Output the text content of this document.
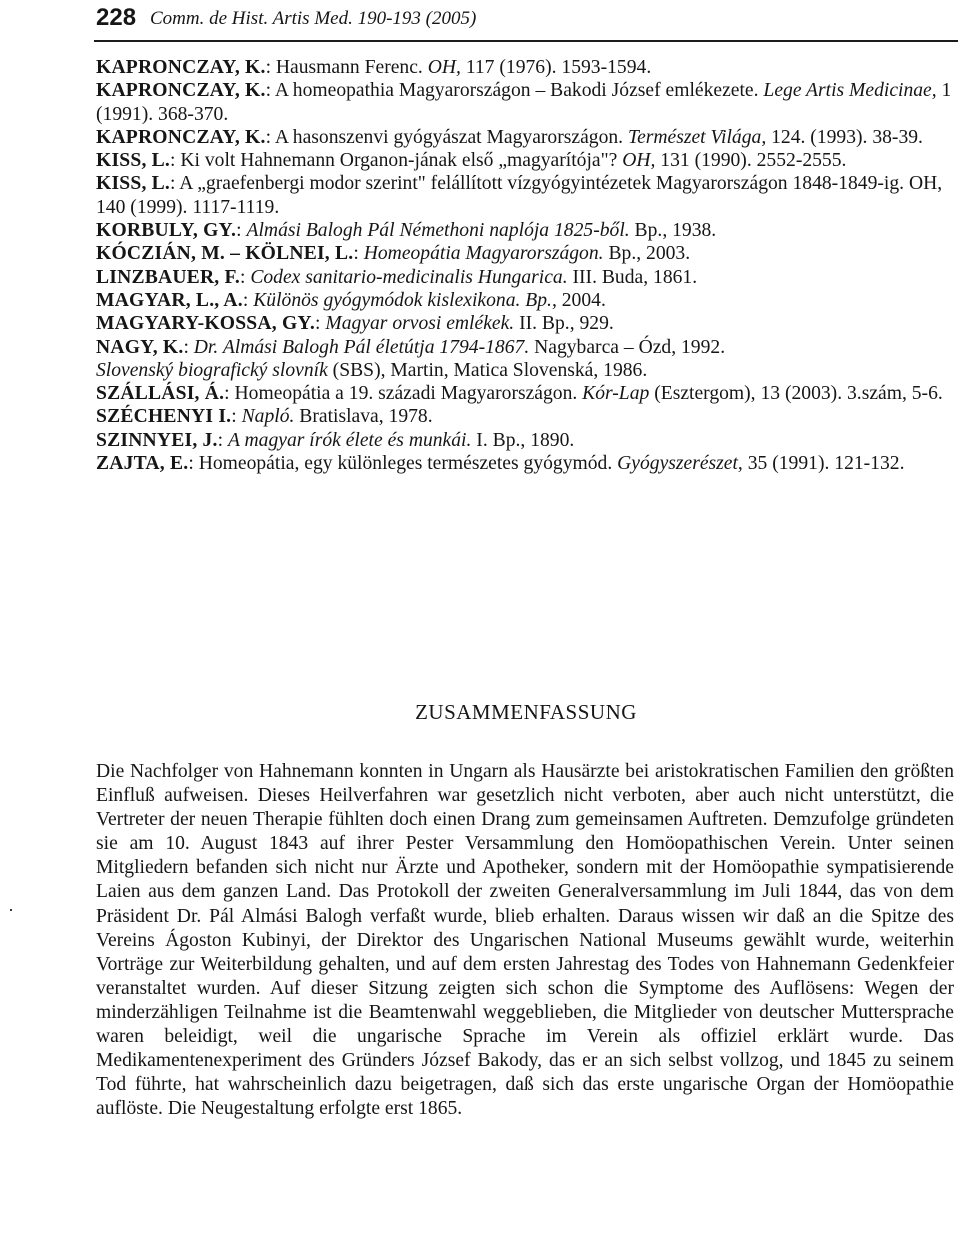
228 Comm. de Hist. Artis Med. 190-193 (2005)

KAPRONCZAY, K.: Hausmann Ferenc. OH, 117 (1976). 1593-1594.

KAPRONCZAY, K.: A homeopathia Magyarországon – Bakodi József emlékezete. Lege Artis Medicinae, 1 (1991). 368-370.

KAPRONCZAY, K.: A hasonszenvi gyógyászat Magyarországon. Természet Világa, 124. (1993). 38-39.

KISS, L.: Ki volt Hahnemann Organon-jának első „magyarítója"? OH, 131 (1990). 2552-2555.

KISS, L.: A „graefenbergi modor szerint" felállított vízgyógyintézetek Magyarországon 1848-1849-ig. OH, 140 (1999). 1117-1119.

KORBULY, GY.: Almási Balogh Pál Némethoni naplója 1825-ből. Bp., 1938.

KÓCZIÁN, M. – KÖLNEI, L.: Homeopátia Magyarországon. Bp., 2003.

LINZBAUER, F.: Codex sanitario-medicinalis Hungarica. III. Buda, 1861.

MAGYAR, L., A.: Különös gyógymódok kislexikona. Bp., 2004.

MAGYARY-KOSSA, GY.: Magyar orvosi emlékek. II. Bp., 929.

NAGY, K.: Dr. Almási Balogh Pál életútja 1794-1867. Nagybarca – Ózd, 1992.

Slovenský biografický slovník (SBS), Martin, Matica Slovenská, 1986.

SZÁLLÁSI, Á.: Homeopátia a 19. századi Magyarországon. Kór-Lap (Esztergom), 13 (2003). 3.szám, 5-6.

SZÉCHENYI I.: Napló. Bratislava, 1978.

SZINNYEI, J.: A magyar írók élete és munkái. I. Bp., 1890.

ZAJTA, E.: Homeopátia, egy különleges természetes gyógymód. Gyógyszerészet, 35 (1991). 121-132.

ZUSAMMENFASSUNG
Die Nachfolger von Hahnemann konnten in Ungarn als Hausärzte bei aristokratischen Familien den größten Einfluß aufweisen. Dieses Heilverfahren war gesetzlich nicht verboten, aber auch nicht unterstützt, die Vertreter der neuen Therapie fühlten doch einen Drang zum gemeinsamen Auftreten. Demzufolge gründeten sie am 10. August 1843 auf ihrer Pester Versammlung den Homöopathischen Verein. Unter seinen Mitgliedern befanden sich nicht nur Ärzte und Apotheker, sondern mit der Homöopathie sympatisierende Laien aus dem ganzen Land. Das Protokoll der zweiten Generalversammlung im Juli 1844, das von dem Präsident Dr. Pál Almási Balogh verfaßt wurde, blieb erhalten. Daraus wissen wir daß an die Spitze des Vereins Ágoston Kubinyi, der Direktor des Ungarischen National Museums gewählt wurde, weiterhin Vorträge zur Weiterbildung gehalten, und auf dem ersten Jahrestag des Todes von Hahnemann Gedenkfeier veranstaltet wurden. Auf dieser Sitzung zeigten sich schon die Symptome des Auflösens: Wegen der minderzähligen Teilnahme ist die Beamtenwahl weggeblieben, die Mitglieder von deutscher Muttersprache waren beleidigt, weil die ungarische Sprache im Verein als offiziel erklärt wurde. Das Medikamentenexperiment des Gründers József Bakody, das er an sich selbst vollzog, und 1845 zu seinem Tod führte, hat wahrscheinlich dazu beigetragen, daß sich das erste ungarische Organ der Homöopathie auflöste. Die Neugestaltung erfolgte erst 1865.
·
